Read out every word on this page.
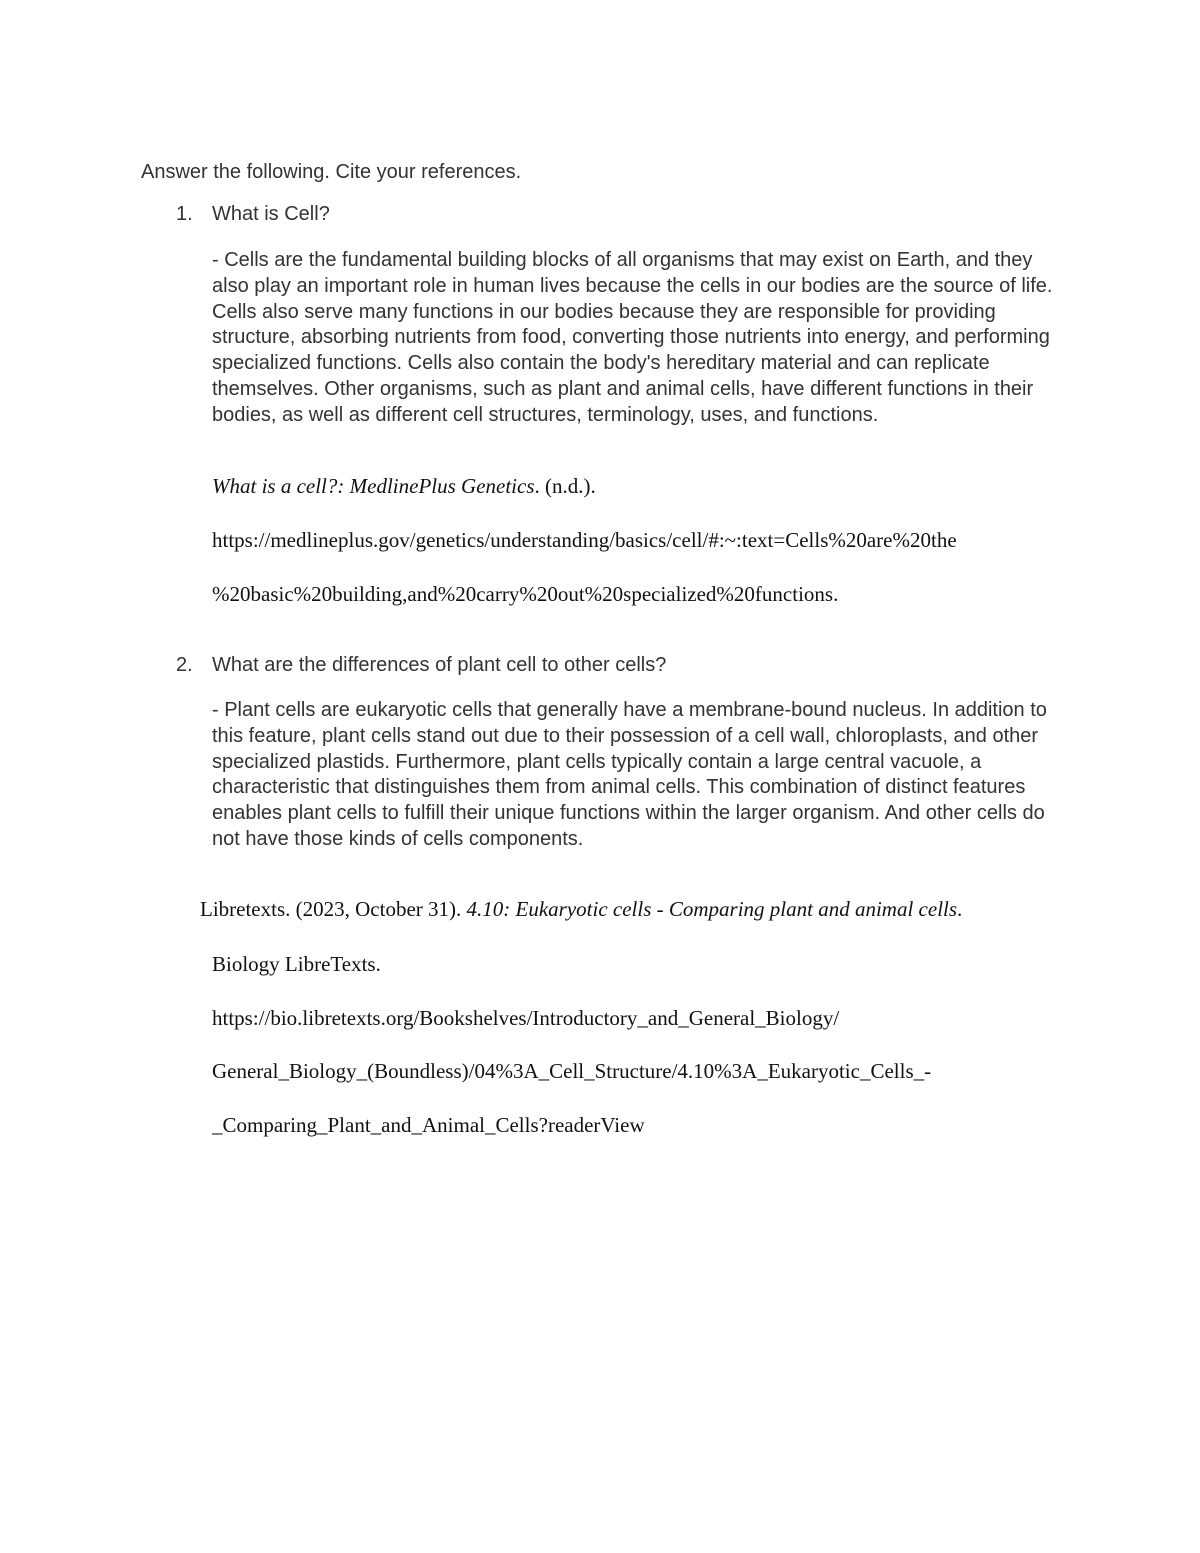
Answer the following. Cite your references.

1. What is Cell?

- Cells are the fundamental building blocks of all organisms that may exist on Earth, and they also play an important role in human lives because the cells in our bodies are the source of life. Cells also serve many functions in our bodies because they are responsible for providing structure, absorbing nutrients from food, converting those nutrients into energy, and performing specialized functions. Cells also contain the body's hereditary material and can replicate themselves. Other organisms, such as plant and animal cells, have different functions in their bodies, as well as different cell structures, terminology, uses, and functions.

What is a cell?: MedlinePlus Genetics. (n.d.).

https://medlineplus.gov/genetics/understanding/basics/cell/#:~:text=Cells%20are%20the

%20basic%20building,and%20carry%20out%20specialized%20functions.

2. What are the differences of plant cell to other cells?

- Plant cells are eukaryotic cells that generally have a membrane-bound nucleus. In addition to this feature, plant cells stand out due to their possession of a cell wall, chloroplasts, and other specialized plastids. Furthermore, plant cells typically contain a large central vacuole, a characteristic that distinguishes them from animal cells. This combination of distinct features enables plant cells to fulfill their unique functions within the larger organism. And other cells do not have those kinds of cells components.

Libretexts. (2023, October 31). 4.10: Eukaryotic cells - Comparing plant and animal cells.

Biology LibreTexts.

https://bio.libretexts.org/Bookshelves/Introductory_and_General_Biology/

General_Biology_(Boundless)/04%3A_Cell_Structure/4.10%3A_Eukaryotic_Cells_-

_Comparing_Plant_and_Animal_Cells?readerView
